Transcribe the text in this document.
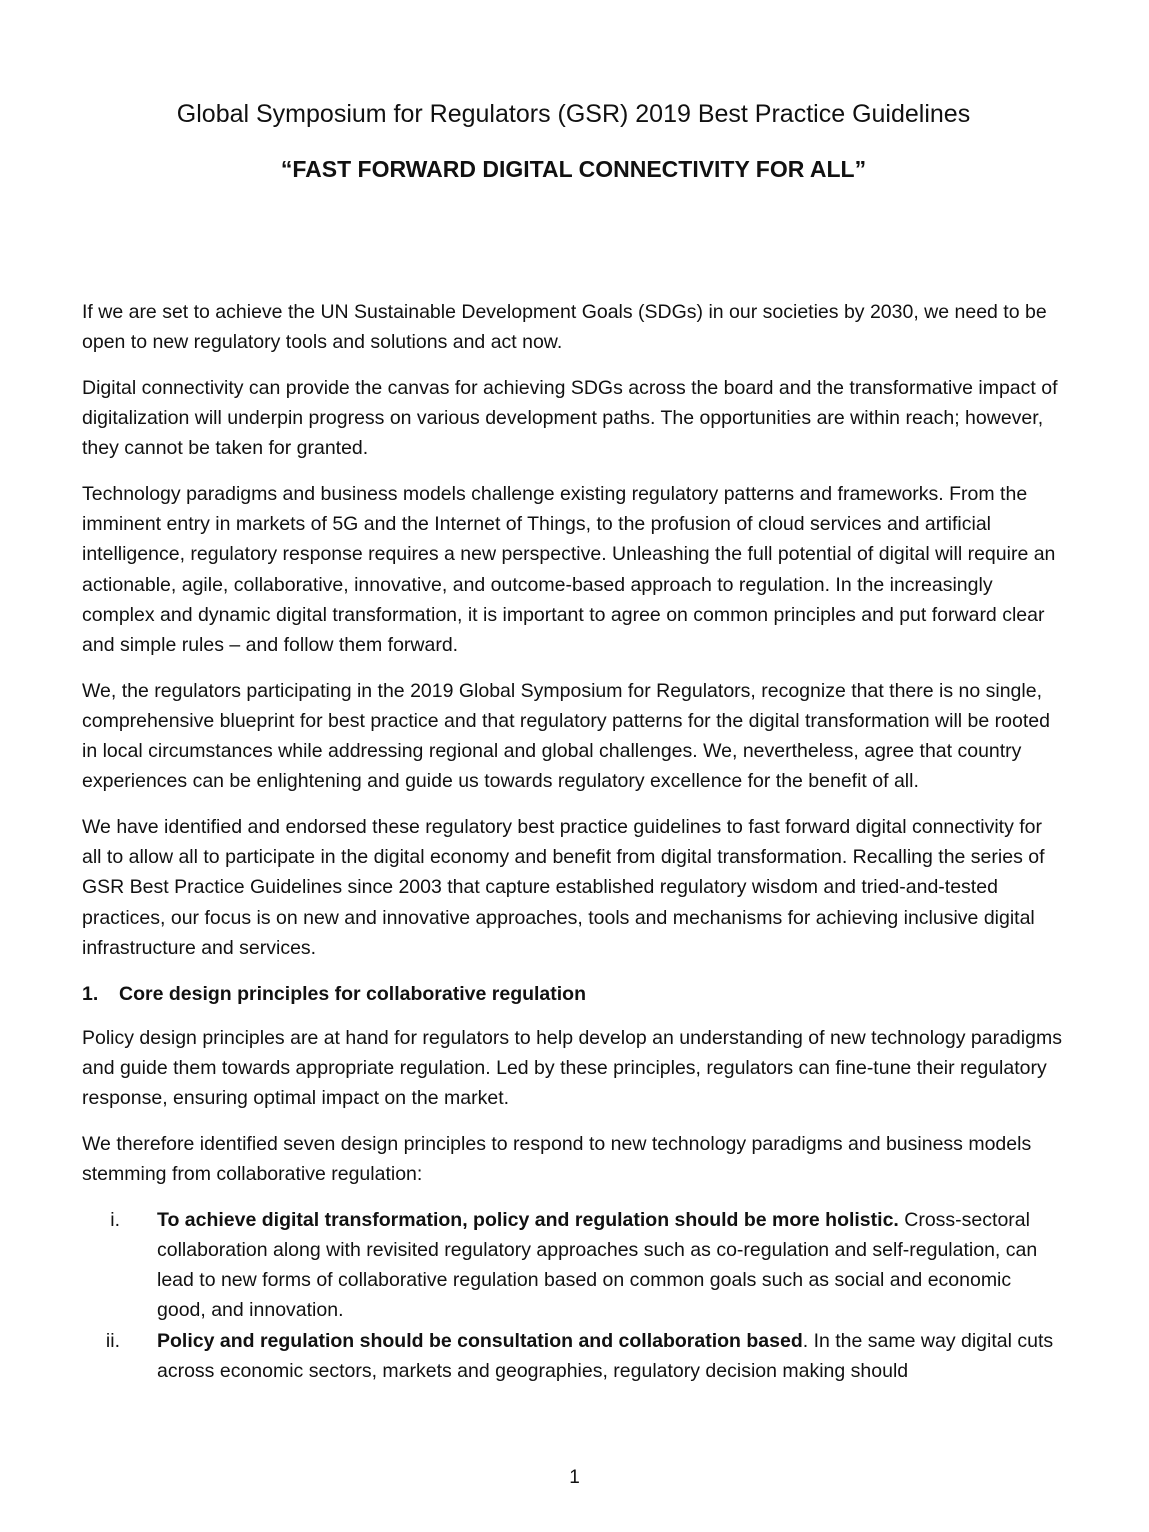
Global Symposium for Regulators (GSR) 2019 Best Practice Guidelines
“FAST FORWARD DIGITAL CONNECTIVITY FOR ALL”

If we are set to achieve the UN Sustainable Development Goals (SDGs) in our societies by 2030, we need to be open to new regulatory tools and solutions and act now.

Digital connectivity can provide the canvas for achieving SDGs across the board and the transformative impact of digitalization will underpin progress on various development paths. The opportunities are within reach; however, they cannot be taken for granted.

Technology paradigms and business models challenge existing regulatory patterns and frameworks. From the imminent entry in markets of 5G and the Internet of Things, to the profusion of cloud services and artificial intelligence, regulatory response requires a new perspective. Unleashing the full potential of digital will require an actionable, agile, collaborative, innovative, and outcome-based approach to regulation. In the increasingly complex and dynamic digital transformation, it is important to agree on common principles and put forward clear and simple rules – and follow them forward.

We, the regulators participating in the 2019 Global Symposium for Regulators, recognize that there is no single, comprehensive blueprint for best practice and that regulatory patterns for the digital transformation will be rooted in local circumstances while addressing regional and global challenges. We, nevertheless, agree that country experiences can be enlightening and guide us towards regulatory excellence for the benefit of all.

We have identified and endorsed these regulatory best practice guidelines to fast forward digital connectivity for all to allow all to participate in the digital economy and benefit from digital transformation. Recalling the series of GSR Best Practice Guidelines since 2003 that capture established regulatory wisdom and tried-and-tested practices, our focus is on new and innovative approaches, tools and mechanisms for achieving inclusive digital infrastructure and services.

1. Core design principles for collaborative regulation

Policy design principles are at hand for regulators to help develop an understanding of new technology paradigms and guide them towards appropriate regulation. Led by these principles, regulators can fine-tune their regulatory response, ensuring optimal impact on the market.

We therefore identified seven design principles to respond to new technology paradigms and business models stemming from collaborative regulation:

i. To achieve digital transformation, policy and regulation should be more holistic. Cross-sectoral collaboration along with revisited regulatory approaches such as co-regulation and self-regulation, can lead to new forms of collaborative regulation based on common goals such as social and economic good, and innovation.
ii. Policy and regulation should be consultation and collaboration based. In the same way digital cuts across economic sectors, markets and geographies, regulatory decision making should
1
